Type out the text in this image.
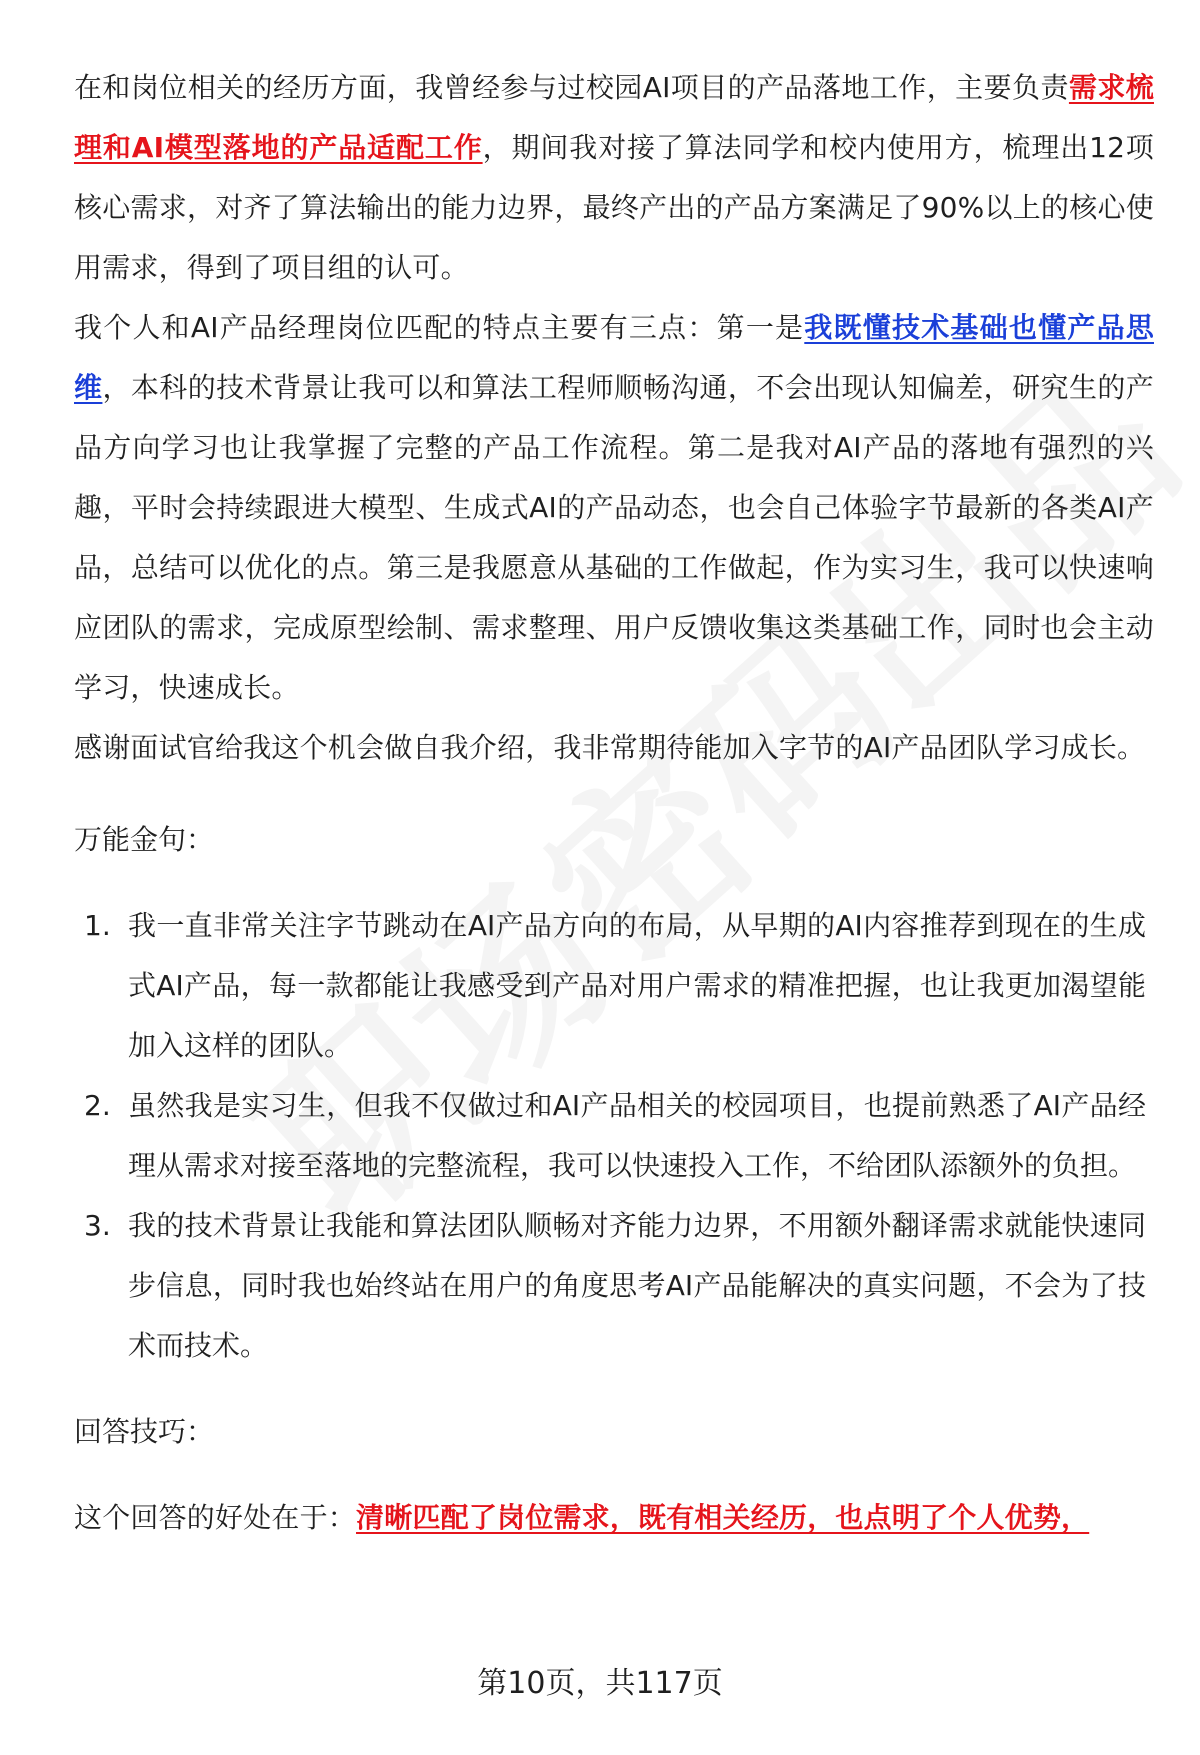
在和岗位相关的经历方面，我曾经参与过校园AI项目的产品落地工作，主要负责需求梳理和AI模型落地的产品适配工作，期间我对接了算法同学和校内使用方，梳理出12项核心需求，对齐了算法输出的能力边界，最终产出的产品方案满足了90%以上的核心使用需求，得到了项目组的认可。

我个人和AI产品经理岗位匹配的特点主要有三点：第一是我既懂技术基础也懂产品思维，本科的技术背景让我可以和算法工程师顺畅沟通，不会出现认知偏差，研究生的产品方向学习也让我掌握了完整的产品工作流程。第二是我对AI产品的落地有强烈的兴趣，平时会持续跟进大模型、生成式AI的产品动态，也会自己体验字节最新的各类AI产品，总结可以优化的点。第三是我愿意从基础的工作做起，作为实习生，我可以快速响应团队的需求，完成原型绘制、需求整理、用户反馈收集这类基础工作，同时也会主动学习，快速成长。

感谢面试官给我这个机会做自我介绍，我非常期待能加入字节的AI产品团队学习成长。

万能金句：

1. 我一直非常关注字节跳动在AI产品方向的布局，从早期的AI内容推荐到现在的生成式AI产品，每一款都能让我感受到产品对用户需求的精准把握，也让我更加渴望能加入这样的团队。
2. 虽然我是实习生，但我不仅做过和AI产品相关的校园项目，也提前熟悉了AI产品经理从需求对接至落地的完整流程，我可以快速投入工作，不给团队添额外的负担。
3. 我的技术背景让我能和算法团队顺畅对齐能力边界，不用额外翻译需求就能快速同步信息，同时我也始终站在用户的角度思考AI产品能解决的真实问题，不会为了技术而技术。

回答技巧：

这个回答的好处在于：清晰匹配了岗位需求，既有相关经历，也点明了个人优势，

第10页，共117页
